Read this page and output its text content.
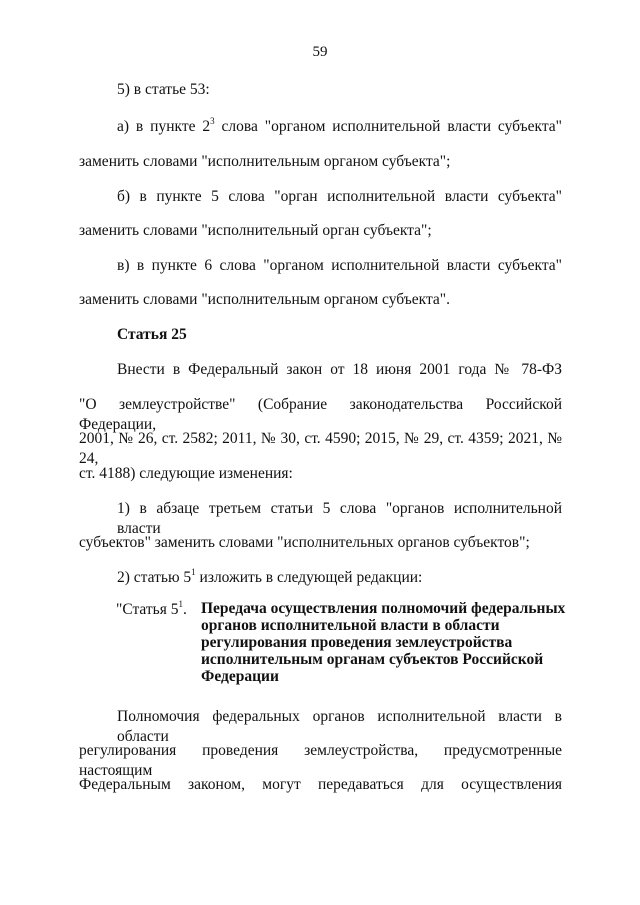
59
5) в статье 53:
а) в пункте $2^3$ слова "органом исполнительной власти субъекта"
заменить словами "исполнительным органом субъекта";
б) в пункте 5 слова "орган исполнительной власти субъекта"
заменить словами "исполнительный орган субъекта";
в) в пункте 6 слова "органом исполнительной власти субъекта"
заменить словами "исполнительным органом субъекта".
Статья 25
Внести в Федеральный закон от 18 июня 2001 года № 78-ФЗ
"О землеустройстве" (Собрание законодательства Российской Федерации,
2001, № 26, ст. 2582; 2011, № 30, ст. 4590; 2015, № 29, ст. 4359; 2021, № 24,
ст. 4188) следующие изменения:
1) в абзаце третьем статьи 5 слова "органов исполнительной власти
субъектов" заменить словами "исполнительных органов субъектов";
2) статью $5^1$ изложить в следующей редакции:
"Статья $5^1$. Передача осуществления полномочий федеральных органов исполнительной власти в области регулирования проведения землеустройства исполнительным органам субъектов Российской Федерации
Полномочия федеральных органов исполнительной власти в области
регулирования проведения землеустройства, предусмотренные настоящим
Федеральным законом, могут передаваться для осуществления
